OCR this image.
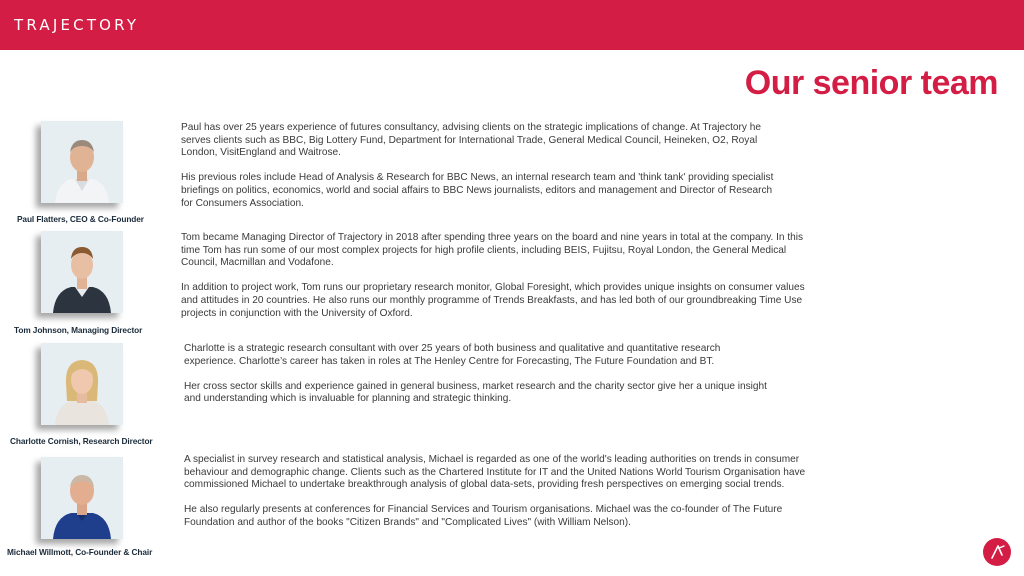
TRAJECTORY
Our senior team
Paul Flatters, CEO & Co-Founder

Paul has over 25 years experience of futures consultancy, advising clients on the strategic implications of change. At Trajectory he serves clients such as BBC, Big Lottery Fund, Department for International Trade, General Medical Council, Heineken, O2, Royal London, VisitEngland and Waitrose.

His previous roles include Head of Analysis & Research for BBC News, an internal research team and 'think tank' providing specialist briefings on politics, economics, world and social affairs to BBC News journalists, editors and management and Director of Research for Consumers Association.

Tom Johnson, Managing Director

Tom became Managing Director of Trajectory in 2018 after spending three years on the board and nine years in total at the company. In this time Tom has run some of our most complex projects for high profile clients, including BEIS, Fujitsu, Royal London, the General Medical Council, Macmillan and Vodafone.

In addition to project work, Tom runs our proprietary research monitor, Global Foresight, which provides unique insights on consumer values and attitudes in 20 countries. He also runs our monthly programme of Trends Breakfasts, and has led both of our groundbreaking Time Use projects in conjunction with the University of Oxford.

Charlotte Cornish, Research Director

Charlotte is a strategic research consultant with over 25 years of both business and qualitative and quantitative research experience. Charlotte’s career has taken in roles at The Henley Centre for Forecasting, The Future Foundation and BT.

Her cross sector skills and experience gained in general business, market research and the charity sector give her a unique insight and understanding which is invaluable for planning and strategic thinking.

Michael Willmott, Co-Founder & Chair

A specialist in survey research and statistical analysis, Michael is regarded as one of the world's leading authorities on trends in consumer behaviour and demographic change. Clients such as the Chartered Institute for IT and the United Nations World Tourism Organisation have commissioned Michael to undertake breakthrough analysis of global data-sets, providing fresh perspectives on emerging social trends.

He also regularly presents at conferences for Financial Services and Tourism organisations. Michael was the co-founder of The Future Foundation and author of the books "Citizen Brands" and "Complicated Lives" (with William Nelson).
